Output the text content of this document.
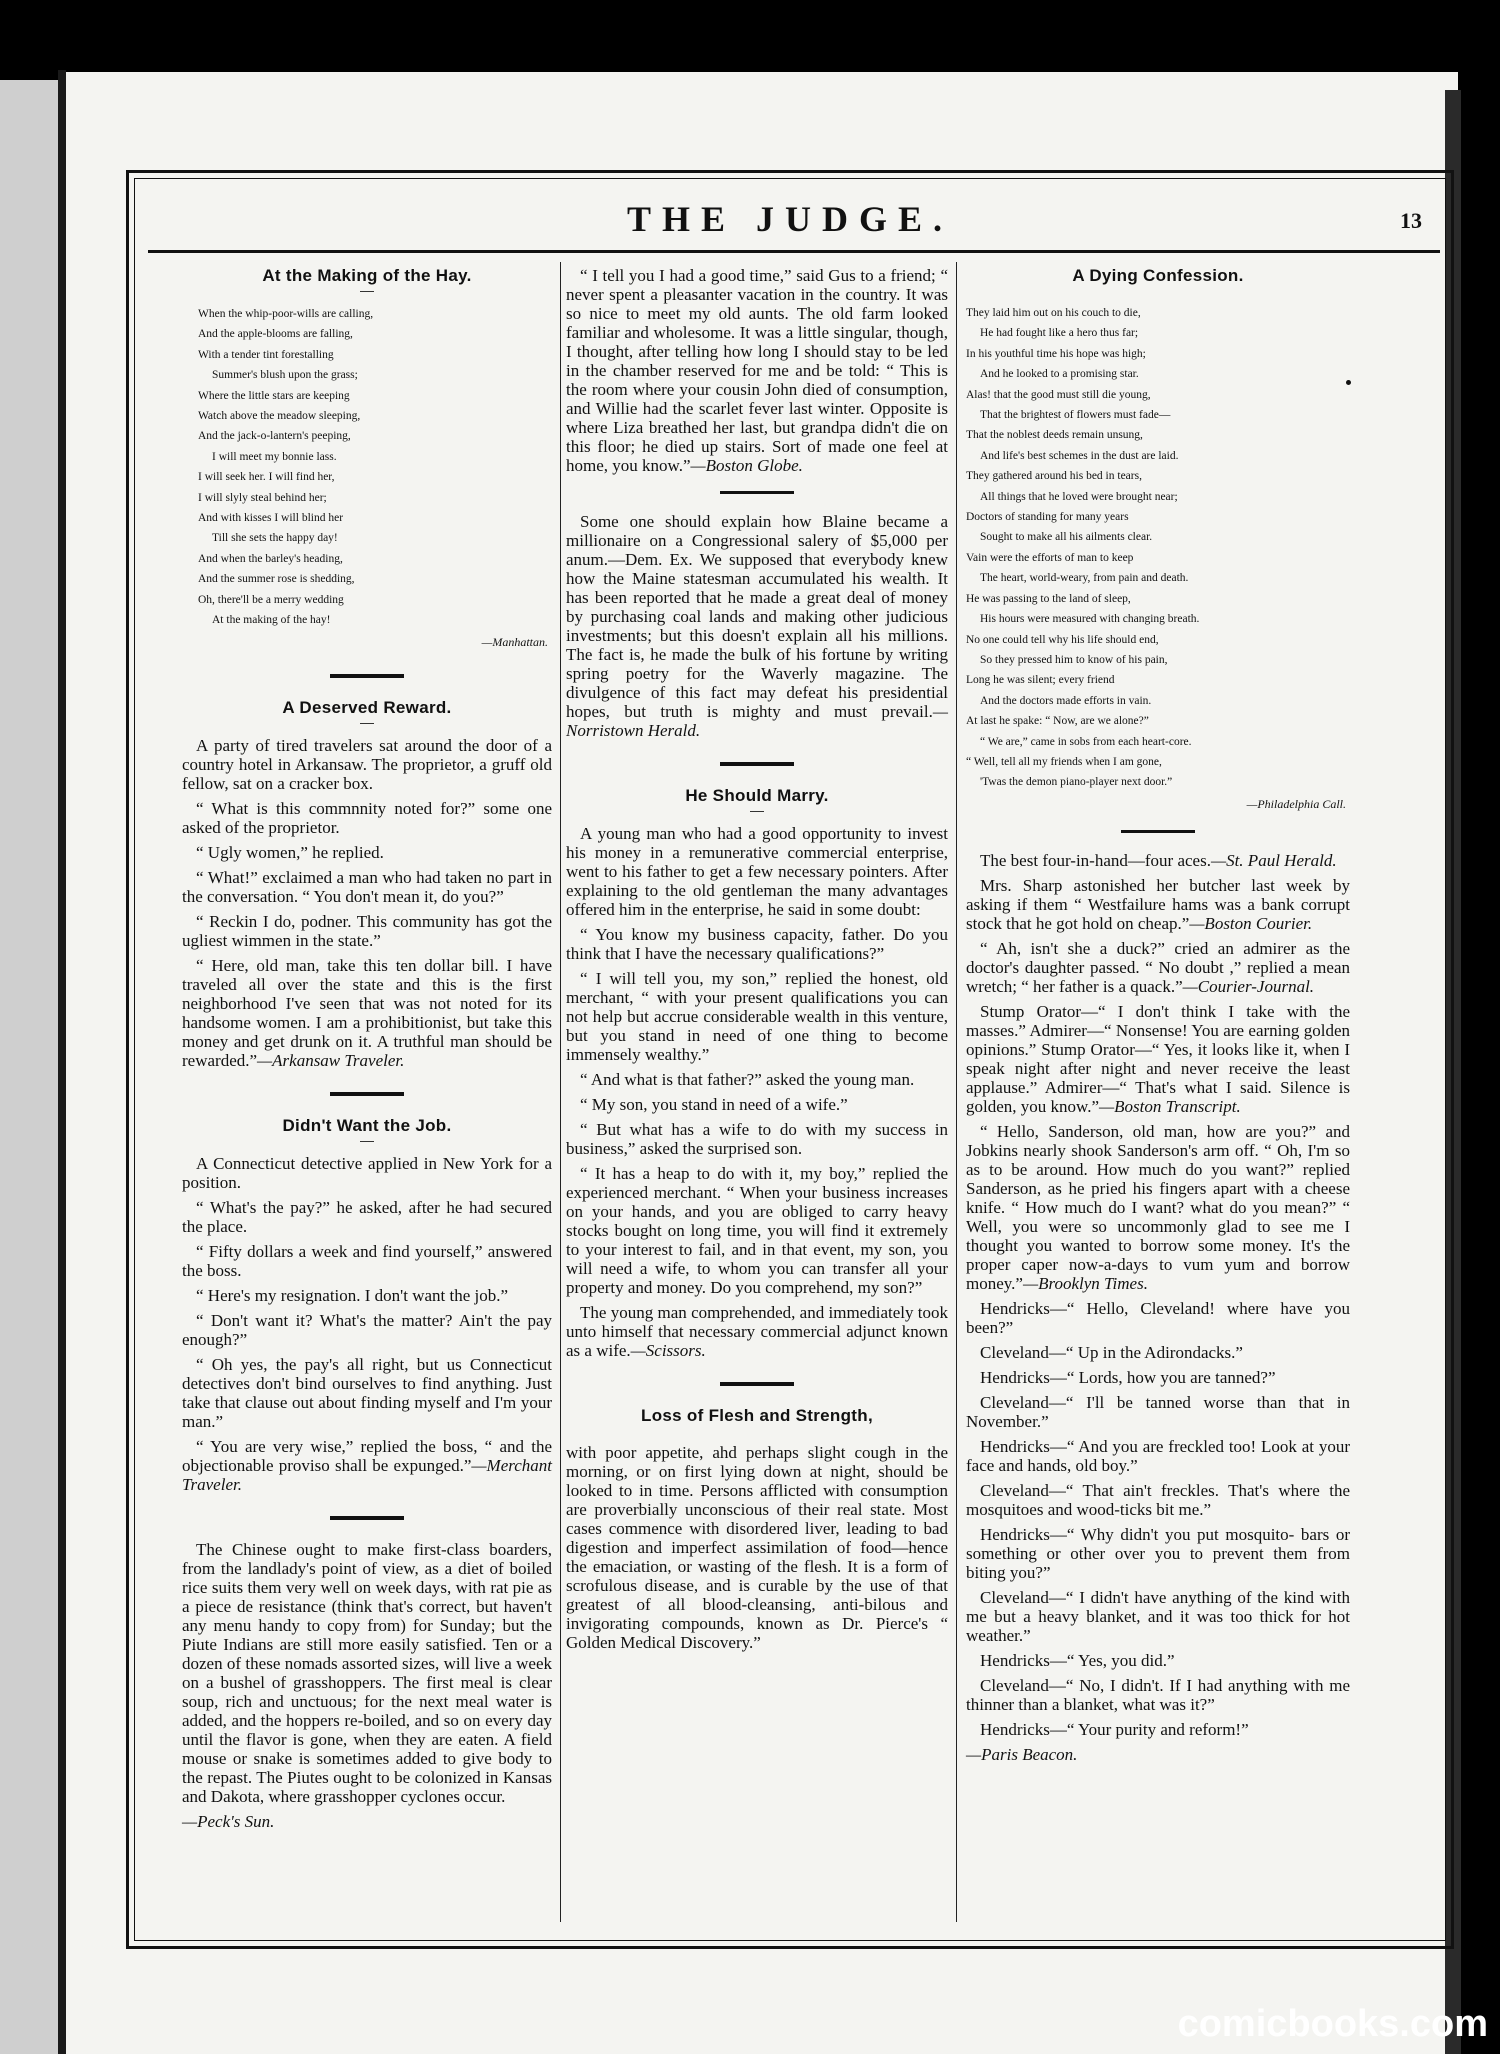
THE JUDGE.	13
At the Making of the Hay.
When the whip-poor-wills are calling,
And the apple-blooms are falling,
With a tender tint forestalling
Summer's blush upon the grass;
Where the little stars are keeping
Watch above the meadow sleeping,
And the jack-o-lantern's peeping,
I will meet my bonnie lass.
I will seek her. I will find her,
I will slyly steal behind her;
And with kisses I will blind her
Till she sets the happy day!
And when the barley's heading,
And the summer rose is shedding,
Oh, there'll be a merry wedding
At the making of the hay!
—Manhattan.
A Deserved Reward.

A party of tired travelers sat around the door of a country hotel in Arkansaw. The proprietor, a gruff old fellow, sat on a cracker box.

“ What is this commnnity noted for?” some one asked of the proprietor.

“ Ugly women,” he replied.

“ What!” exclaimed a man who had taken no part in the conversation. “ You don't mean it, do you?”

“ Reckin I do, podner. This community has got the ugliest wimmen in the state.”

“ Here, old man, take this ten dollar bill. I have traveled all over the state and this is the first neighborhood I've seen that was not noted for its handsome women. I am a prohibitionist, but take this money and get drunk on it. A truthful man should be rewarded.”—Arkansaw Traveler.

Didn't Want the Job.

A Connecticut detective applied in New York for a position.

“ What's the pay?” he asked, after he had secured the place.

“ Fifty dollars a week and find yourself,” answered the boss.

“ Here's my resignation. I don't want the job.”

“ Don't want it? What's the matter? Ain't the pay enough?”

“ Oh yes, the pay's all right, but us Connecticut detectives don't bind ourselves to find anything. Just take that clause out about finding myself and I'm your man.”

“ You are very wise,” replied the boss, “ and the objectionable proviso shall be expunged.”—Merchant Traveler.

The Chinese ought to make first-class boarders, from the landlady's point of view, as a diet of boiled rice suits them very well on week days, with rat pie as a piece de resistance (think that's correct, but haven't any menu handy to copy from) for Sunday; but the Piute Indians are still more easily satisfied. Ten or a dozen of these nomads assorted sizes, will live a week on a bushel of grasshoppers. The first meal is clear soup, rich and unctuous; for the next meal water is added, and the hoppers re-boiled, and so on every day until the flavor is gone, when they are eaten. A field mouse or snake is sometimes added to give body to the repast. The Piutes ought to be colonized in Kansas and Dakota, where grasshopper cyclones occur.

—Peck's Sun.

“ I tell you I had a good time,” said Gus to a friend; “ never spent a pleasanter vacation in the country. It was so nice to meet my old aunts. The old farm looked familiar and wholesome. It was a little singular, though, I thought, after telling how long I should stay to be led in the chamber reserved for me and be told: “ This is the room where your cousin John died of consumption, and Willie had the scarlet fever last winter. Opposite is where Liza breathed her last, but grandpa didn't die on this floor; he died up stairs. Sort of made one feel at home, you know.”—Boston Globe.

Some one should explain how Blaine became a millionaire on a Congressional salery of $5,000 per anum.—Dem. Ex. We supposed that everybody knew how the Maine statesman accumulated his wealth. It has been reported that he made a great deal of money by purchasing coal lands and making other judicious investments; but this doesn't explain all his millions. The fact is, he made the bulk of his fortune by writing spring poetry for the Waverly magazine. The divulgence of this fact may defeat his presidential hopes, but truth is mighty and must prevail.—Norristown Herald.

He Should Marry.

A young man who had a good opportunity to invest his money in a remunerative commercial enterprise, went to his father to get a few necessary pointers. After explaining to the old gentleman the many advantages offered him in the enterprise, he said in some doubt:

“ You know my business capacity, father. Do you think that I have the necessary qualifications?”

“ I will tell you, my son,” replied the honest, old merchant, “ with your present qualifications you can not help but accrue considerable wealth in this venture, but you stand in need of one thing to become immensely wealthy.”

“ And what is that father?” asked the young man.

“ My son, you stand in need of a wife.”

“ But what has a wife to do with my success in business,” asked the surprised son.

“ It has a heap to do with it, my boy,” replied the experienced merchant. “ When your business increases on your hands, and you are obliged to carry heavy stocks bought on long time, you will find it extremely to your interest to fail, and in that event, my son, you will need a wife, to whom you can transfer all your property and money. Do you comprehend, my son?”

The young man comprehended, and immediately took unto himself that necessary commercial adjunct known as a wife.—Scissors.

Loss of Flesh and Strength,

with poor appetite, ahd perhaps slight cough in the morning, or on first lying down at night, should be looked to in time. Persons afflicted with consumption are proverbially unconscious of their real state. Most cases commence with disordered liver, leading to bad digestion and imperfect assimilation of food—hence the emaciation, or wasting of the flesh. It is a form of scrofulous disease, and is curable by the use of that greatest of all blood-cleansing, anti-bilous and invigorating compounds, known as Dr. Pierce's “ Golden Medical Discovery.”

A Dying Confession.
They laid him out on his couch to die,
He had fought like a hero thus far;
In his youthful time his hope was high;
And he looked to a promising star.
Alas! that the good must still die young,
That the brightest of flowers must fade—
That the noblest deeds remain unsung,
And life's best schemes in the dust are laid.
They gathered around his bed in tears,
All things that he loved were brought near;
Doctors of standing for many years
Sought to make all his ailments clear.
Vain were the efforts of man to keep
The heart, world-weary, from pain and death.
He was passing to the land of sleep,
His hours were measured with changing breath.
No one could tell why his life should end,
So they pressed him to know of his pain,
Long he was silent; every friend
And the doctors made efforts in vain.
At last he spake: “ Now, are we alone?”
“ We are,” came in sobs from each heart-core.
“ Well, tell all my friends when I am gone,
'Twas the demon piano-player next door.”
—Philadelphia Call.

The best four-in-hand—four aces.—St. Paul Herald.

Mrs. Sharp astonished her butcher last week by asking if them “ Westfailure hams was a bank corrupt stock that he got hold on cheap.”—Boston Courier.

“ Ah, isn't she a duck?” cried an admirer as the doctor's daughter passed. “ No doubt ,” replied a mean wretch; “ her father is a quack.”—Courier-Journal.

Stump Orator—“ I don't think I take with the masses.” Admirer—“ Nonsense! You are earning golden opinions.” Stump Orator—“ Yes, it looks like it, when I speak night after night and never receive the least applause.” Admirer—“ That's what I said. Silence is golden, you know.”—Boston Transcript.

“ Hello, Sanderson, old man, how are you?” and Jobkins nearly shook Sanderson's arm off. “ Oh, I'm so as to be around. How much do you want?” replied Sanderson, as he pried his fingers apart with a cheese knife. “ How much do I want? what do you mean?” “ Well, you were so uncommonly glad to see me I thought you wanted to borrow some money. It's the proper caper now-a-days to vum yum and borrow money.”—Brooklyn Times.

Hendricks—“ Hello, Cleveland! where have you been?”

Cleveland—“ Up in the Adirondacks.”

Hendricks—“ Lords, how you are tanned?”

Cleveland—“ I'll be tanned worse than that in November.”

Hendricks—“ And you are freckled too! Look at your face and hands, old boy.”

Cleveland—“ That ain't freckles. That's where the mosquitoes and wood-ticks bit me.”

Hendricks—“ Why didn't you put mosquito- bars or something or other over you to prevent them from biting you?”

Cleveland—“ I didn't have anything of the kind with me but a heavy blanket, and it was too thick for hot weather.”

Hendricks—“ Yes, you did.”

Cleveland—“ No, I didn't. If I had anything with me thinner than a blanket, what was it?”

Hendricks—“ Your purity and reform!”

—Paris Beacon.
comicbooks.com
